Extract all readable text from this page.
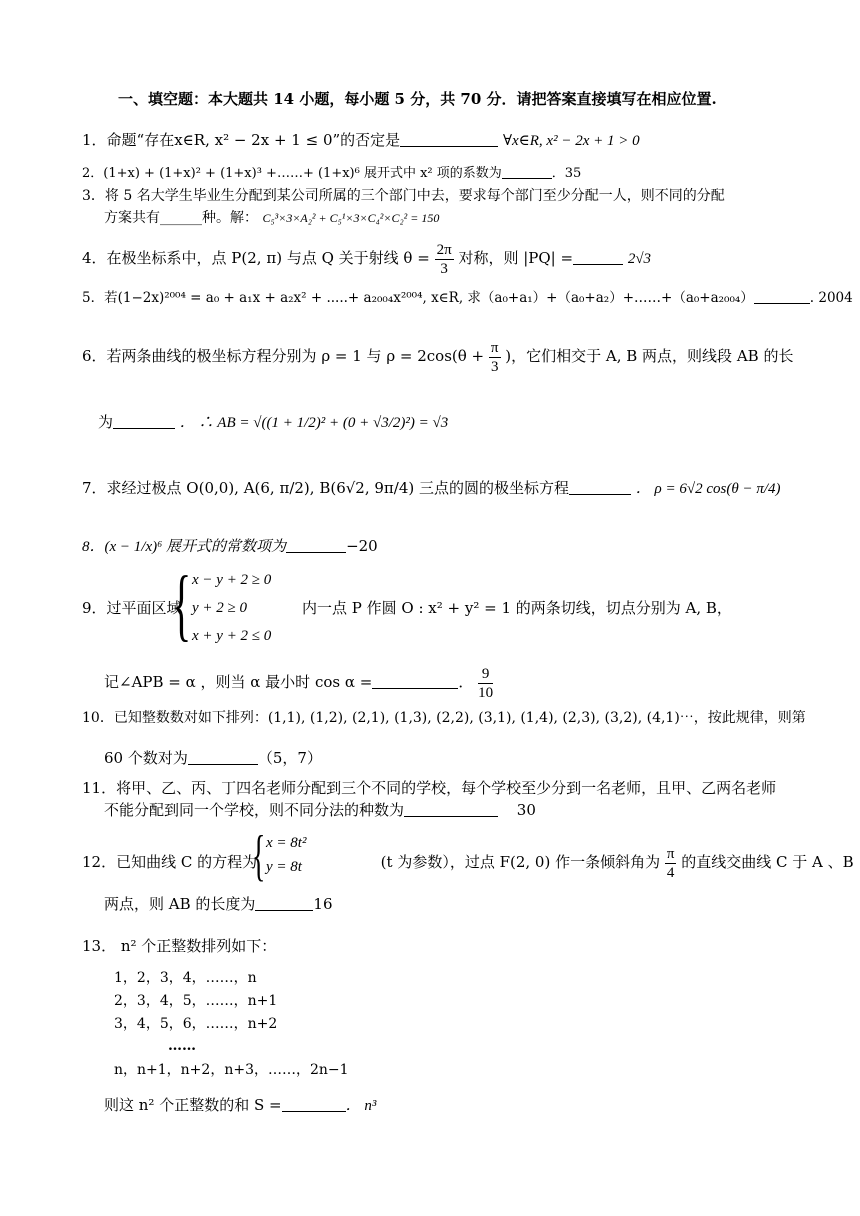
一、填空题：本大题共 14 小题，每小题 5 分，共 70 分．请把答案直接填写在相应位置.
1．命题“存在x∈R, x² − 2x + 1 ≤ 0”的否定是	∀x∈R, x² − 2x + 1 > 0
2．(1+x) + (1+x)² + (1+x)³ +……+ (1+x)⁶ 展开式中 x² 项的系数为	．35
3．将 5 名大学生毕业生分配到某公司所属的三个部门中去，要求每个部门至少分配一人，则不同的分配
方案共有______种。解： C₅³×3×A₂² + C₅¹×3×C₄²×C₂² = 150
4．在极坐标系中，点 P(2, π) 与点 Q 关于射线 $\theta = \frac{2\pi}{3}$ 对称，则 |PQ| =	2√3
5．若(1−2x)²⁰⁰⁴ = a₀ + a₁x + a₂x² + .....+ a₂₀₀₄x²⁰⁰⁴, x∈R, 求（a₀+a₁）+（a₀+a₂）+……+（a₀+a₂₀₀₄）	. 2004
6．若两条曲线的极坐标方程分别为 ρ = 1 与 $\rho = 2\cos(\theta + \frac{\pi}{3}$ )，它们相交于 A, B 两点，则线段 AB 的长
为	． ∴ AB = √((1 + 1/2)² + (0 + √3/2)²) = √3
7．求经过极点 O(0,0), A(6, π/2), B(6√2, 9π/4) 三点的圆的极坐标方程	． ρ = 6√2 cos(θ − π/4)
8．(x − 1/x)⁶ 展开式的常数项为	−20
9．过平面区域
{ x − y + 2 ≥ 0
y + 2 ≥ 0
x + y + 2 ≤ 0
内一点 P 作圆 O : x² + y² = 1 的两条切线，切点分别为 A, B，
记∠APB = α ，则当 α 最小时 cos α =	． $\frac{9}{10}$
10．已知整数数对如下排列：(1,1), (1,2), (2,1), (1,3), (2,2), (3,1), (1,4), (2,3), (3,2), (4,1)⋯，按此规律，则第
60 个数对为	（5，7）
11．将甲、乙、丙、丁四名老师分配到三个不同的学校，每个学校至少分到一名老师，且甲、乙两名老师
不能分配到同一个学校，则不同分法的种数为	30
12．已知曲线 C 的方程为	(t 为参数），过点 F(2, 0) 作一条倾斜角为 $\frac{\pi}{4}$ 的直线交曲线 C 于 A 、B
{ x = 8t²
y = 8t
两点，则 AB 的长度为	16
13． n² 个正整数排列如下：
1，2，3，4，……，n
2，3，4，5，……，n+1
3，4，5，6，……，n+2
……
n，n+1，n+2，n+3，……，2n−1
则这 n² 个正整数的和 S =	． n³
